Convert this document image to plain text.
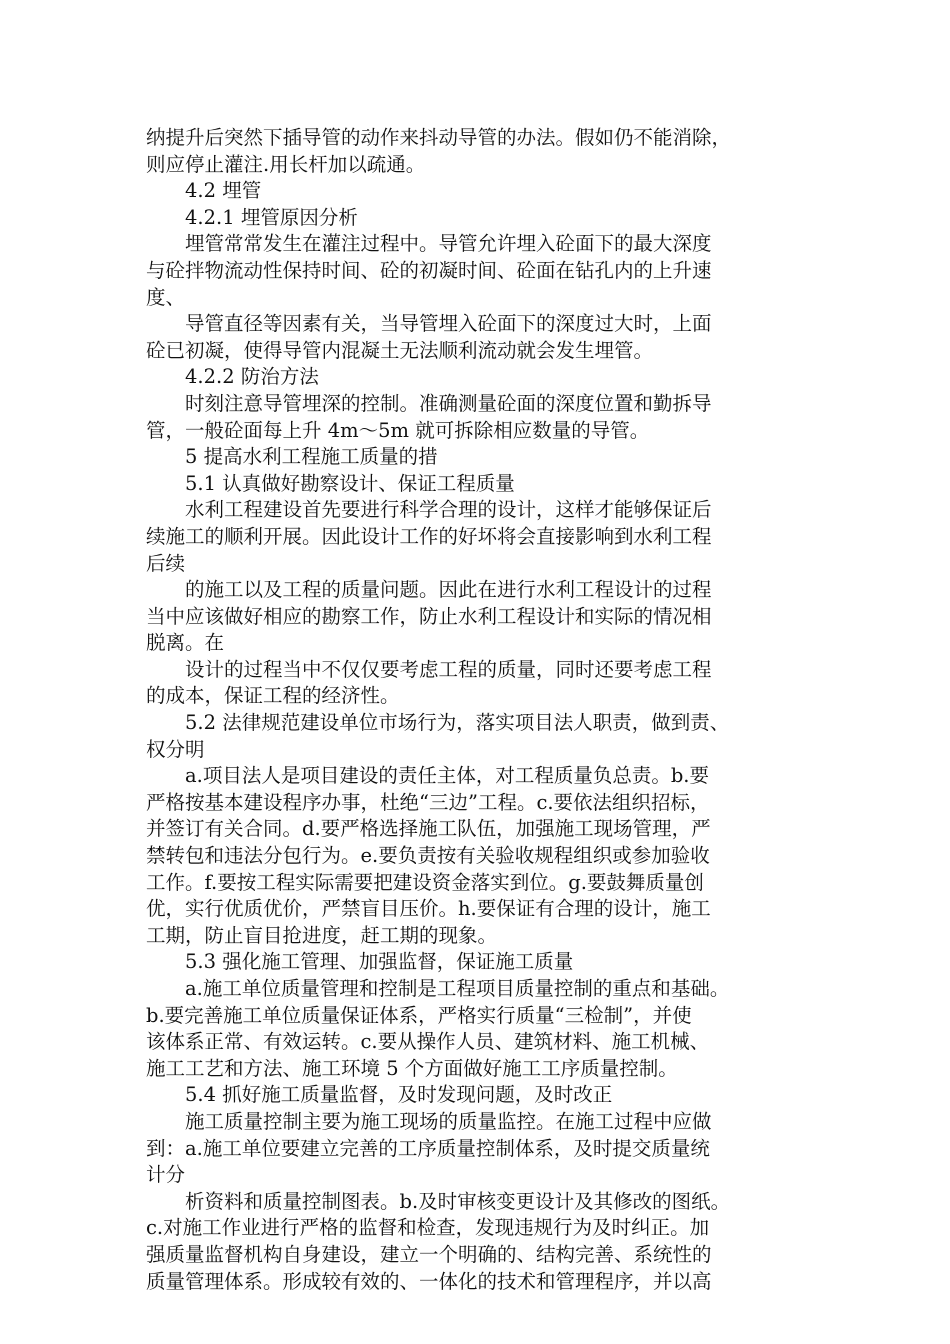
纳提升后突然下插导管的动作来抖动导管的办法。假如仍不能消除，
则应停止灌注.用长杆加以疏通。
　　4.2 埋管
　　4.2.1 埋管原因分析
　　埋管常常发生在灌注过程中。导管允许埋入砼面下的最大深度
与砼拌物流动性保持时间、砼的初凝时间、砼面在钻孔内的上升速
度、
　　导管直径等因素有关，当导管埋入砼面下的深度过大时，上面
砼已初凝，使得导管内混凝土无法顺利流动就会发生埋管。
　　4.2.2 防治方法
　　时刻注意导管埋深的控制。准确测量砼面的深度位置和勤拆导
管，一般砼面每上升 4m～5m 就可拆除相应数量的导管。
　　5 提高水利工程施工质量的措
　　5.1 认真做好勘察设计、保证工程质量
　　水利工程建设首先要进行科学合理的设计，这样才能够保证后
续施工的顺利开展。因此设计工作的好坏将会直接影响到水利工程
后续
　　的施工以及工程的质量问题。因此在进行水利工程设计的过程
当中应该做好相应的勘察工作，防止水利工程设计和实际的情况相
脱离。在
　　设计的过程当中不仅仅要考虑工程的质量，同时还要考虑工程
的成本，保证工程的经济性。
　　5.2 法律规范建设单位市场行为，落实项目法人职责，做到责、
权分明
　　a.项目法人是项目建设的责任主体，对工程质量负总责。b.要
严格按基本建设程序办事，杜绝“三边”工程。c.要依法组织招标，
并签订有关合同。d.要严格选择施工队伍，加强施工现场管理，严
禁转包和违法分包行为。e.要负责按有关验收规程组织或参加验收
工作。f.要按工程实际需要把建设资金落实到位。g.要鼓舞质量创
优，实行优质优价，严禁盲目压价。h.要保证有合理的设计，施工
工期，防止盲目抢进度，赶工期的现象。
　　5.3 强化施工管理、加强监督，保证施工质量
　　a.施工单位质量管理和控制是工程项目质量控制的重点和基础。
b.要完善施工单位质量保证体系，严格实行质量“三检制”，并使
该体系正常、有效运转。c.要从操作人员、建筑材料、施工机械、
施工工艺和方法、施工环境 5 个方面做好施工工序质量控制。
　　5.4 抓好施工质量监督，及时发现问题，及时改正
　　施工质量控制主要为施工现场的质量监控。在施工过程中应做
到：a.施工单位要建立完善的工序质量控制体系，及时提交质量统
计分
　　析资料和质量控制图表。b.及时审核变更设计及其修改的图纸。
c.对施工作业进行严格的监督和检查，发现违规行为及时纠正。加
强质量监督机构自身建设，建立一个明确的、结构完善、系统性的
质量管理体系。形成较有效的、一体化的技术和管理程序，并以高
